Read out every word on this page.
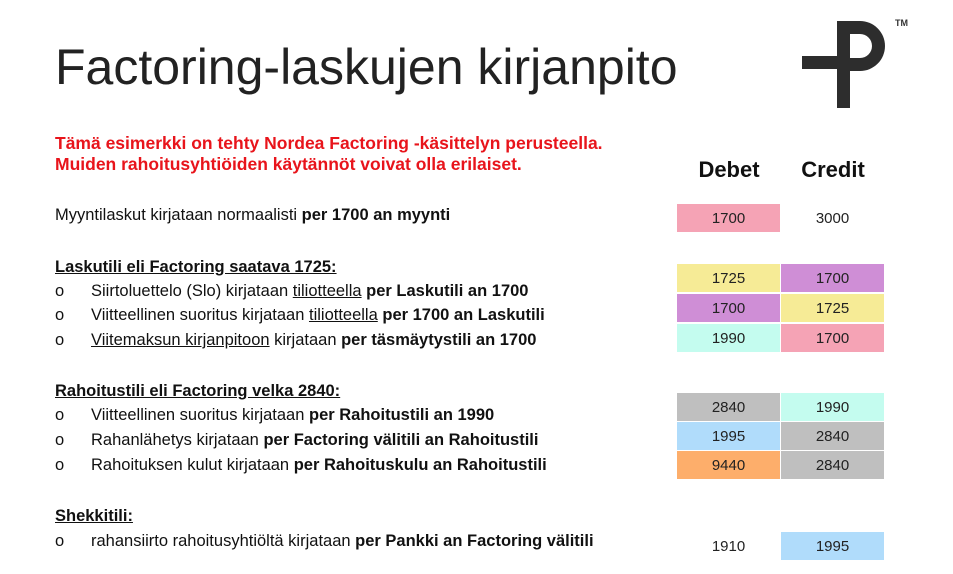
Factoring-laskujen kirjanpito
TM
Tämä esimerkki on tehty Nordea Factoring -käsittelyn perusteella.
Muiden rahoitusyhtiöiden käytännöt voivat olla erilaiset.	Debet	Credit
Myyntilaskut kirjataan normaalisti per 1700 an myynti	1700	3000
Laskutili eli Factoring saatava 1725:
o Siirtoluettelo (Slo) kirjataan tiliotteella per Laskutili an 1700
o Viitteellinen suoritus kirjataan tiliotteella per 1700 an Laskutili
o Viitemaksun kirjanpitoon kirjataan per täsmäytystili an 1700
1725	1700
1700	1725
1990	1700
Rahoitustili eli Factoring velka 2840:
o Viitteellinen suoritus kirjataan per Rahoitustili an 1990
o Rahanlähetys kirjataan per Factoring välitili an Rahoitustili
o Rahoituksen kulut kirjataan per Rahoituskulu an Rahoitustili
2840	1990
1995	2840
9440	2840
Shekkitili:
o rahansiirto rahoitusyhtiöltä kirjataan per Pankki an Factoring välitili	1910	1995
